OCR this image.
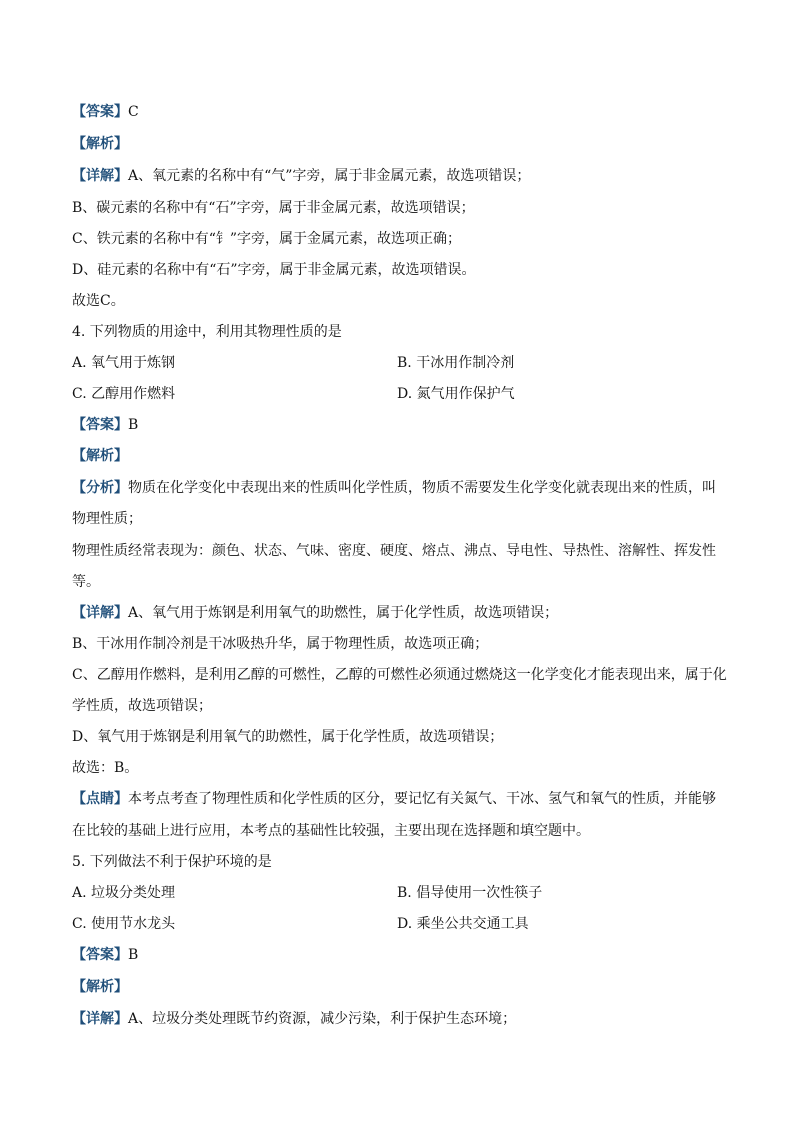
【答案】C
【解析】
【详解】A、氧元素的名称中有“气”字旁，属于非金属元素，故选项错误；
B、碳元素的名称中有“石”字旁，属于非金属元素，故选项错误；
C、铁元素的名称中有“钅”字旁，属于金属元素，故选项正确；
D、硅元素的名称中有“石”字旁，属于非金属元素，故选项错误。
故选C。
4. 下列物质的用途中，利用其物理性质的是
A. 氧气用于炼钢	B. 干冰用作制冷剂
C. 乙醇用作燃料	D. 氮气用作保护气
【答案】B
【解析】
【分析】物质在化学变化中表现出来的性质叫化学性质，物质不需要发生化学变化就表现出来的性质，叫
物理性质；
物理性质经常表现为：颜色、状态、气味、密度、硬度、熔点、沸点、导电性、导热性、溶解性、挥发性
等。
【详解】A、氧气用于炼钢是利用氧气的助燃性，属于化学性质，故选项错误；
B、干冰用作制冷剂是干冰吸热升华，属于物理性质，故选项正确；
C、乙醇用作燃料，是利用乙醇的可燃性，乙醇的可燃性必须通过燃烧这一化学变化才能表现出来，属于化
学性质，故选项错误；
D、氧气用于炼钢是利用氧气的助燃性，属于化学性质，故选项错误；
故选：B。
【点睛】本考点考查了物理性质和化学性质的区分，要记忆有关氮气、干冰、氢气和氧气的性质，并能够
在比较的基础上进行应用，本考点的基础性比较强，主要出现在选择题和填空题中。
5. 下列做法不利于保护环境的是
A. 垃圾分类处理	B. 倡导使用一次性筷子
C. 使用节水龙头	D. 乘坐公共交通工具
【答案】B
【解析】
【详解】A、垃圾分类处理既节约资源，减少污染，利于保护生态环境；
